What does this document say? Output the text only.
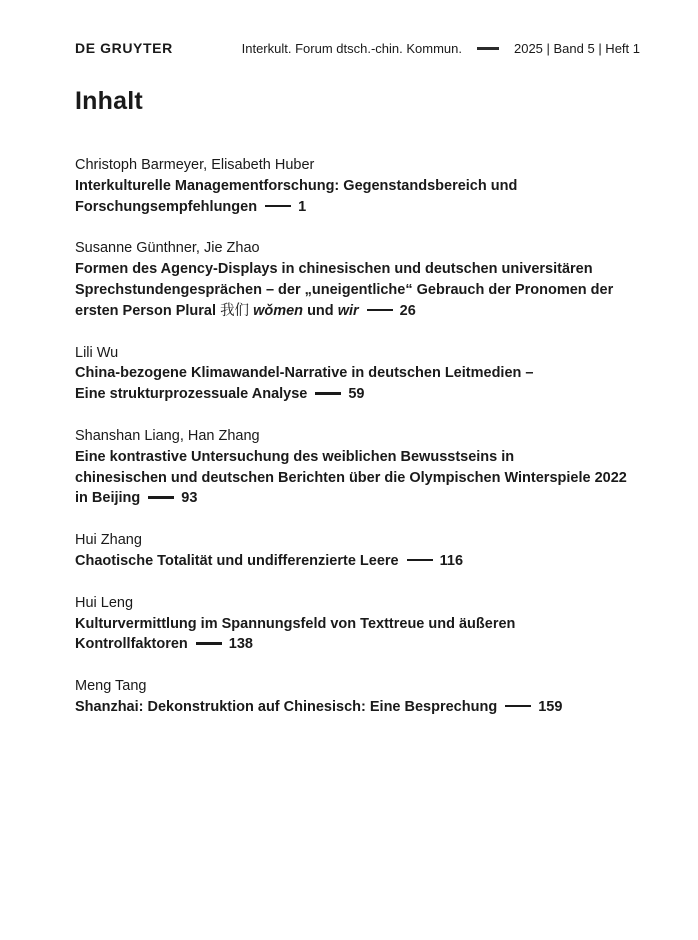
DE GRUYTER	Interkult. Forum dtsch.-chin. Kommun.	2025 | Band 5 | Heft 1
Inhalt
Christoph Barmeyer, Elisabeth Huber
Interkulturelle Managementforschung: Gegenstandsbereich und
Forschungsempfehlungen	1
Susanne Günthner, Jie Zhao
Formen des Agency-Displays in chinesischen und deutschen universitären
Sprechstundengesprächen – der „uneigentliche“ Gebrauch der Pronomen der
ersten Person Plural 我们 wǒmen und wir	26
Lili Wu
China-bezogene Klimawandel-Narrative in deutschen Leitmedien –
Eine strukturprozessuale Analyse	59
Shanshan Liang, Han Zhang
Eine kontrastive Untersuchung des weiblichen Bewusstseins in
chinesischen und deutschen Berichten über die Olympischen Winterspiele 2022
in Beijing	93
Hui Zhang
Chaotische Totalität und undifferenzierte Leere	116
Hui Leng
Kulturvermittlung im Spannungsfeld von Texttreue und äußeren
Kontrollfaktoren	138
Meng Tang
Shanzhai: Dekonstruktion auf Chinesisch: Eine Besprechung	159
